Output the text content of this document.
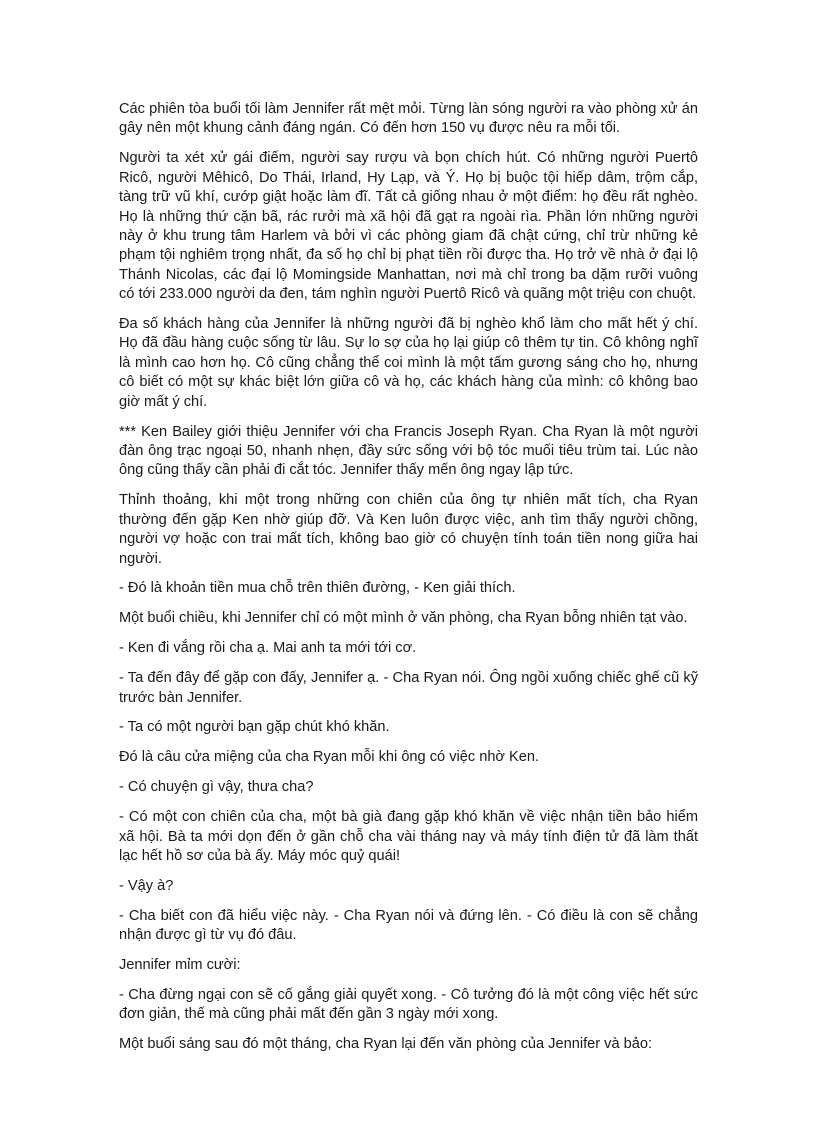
Các phiên tòa buổi tối làm Jennifer rất mệt mỏi. Từng làn sóng người ra vào phòng xử án gây nên một khung cảnh đáng ngán. Có đến hơn 150 vụ được nêu ra mỗi tối.

Người ta xét xử gái điếm, người say rượu và bọn chích hút. Có những người Puertô Ricô, người Mêhicô, Do Thái, Irland, Hy Lạp, và Ý. Họ bị buộc tội hiếp dâm, trộm cắp, tàng trữ vũ khí, cướp giật hoặc làm đĩ. Tất cả giống nhau ở một điểm: họ đều rất nghèo. Họ là những thứ cặn bã, rác rưởi mà xã hội đã gạt ra ngoài rìa. Phần lớn những người này ở khu trung tâm Harlem và bởi vì các phòng giam đã chật cứng, chỉ trừ những kẻ phạm tội nghiêm trọng nhất, đa số họ chỉ bị phạt tiền rồi được tha. Họ trở về nhà ở đại lộ Thánh Nicolas, các đại lộ Momingside Manhattan, nơi mà chỉ trong ba dặm rưỡi vuông có tới 233.000 người da đen, tám nghìn người Puertô Ricô và quãng một triệu con chuột.

Đa số khách hàng của Jennifer là những người đã bị nghèo khổ làm cho mất hết ý chí. Họ đã đầu hàng cuộc sống từ lâu. Sự lo sợ của họ lại giúp cô thêm tự tin. Cô không nghĩ là mình cao hơn họ. Cô cũng chẳng thể coi mình là một tấm gương sáng cho họ, nhưng cô biết có một sự khác biệt lớn giữa cô và họ, các khách hàng của mình: cô không bao giờ mất ý chí.

*** Ken Bailey giới thiệu Jennifer với cha Francis Joseph Ryan. Cha Ryan là một người đàn ông trạc ngoại 50, nhanh nhẹn, đầy sức sống với bộ tóc muối tiêu trùm tai. Lúc nào ông cũng thấy cần phải đi cắt tóc. Jennifer thấy mến ông ngay lập tức.

Thỉnh thoảng, khi một trong những con chiên của ông tự nhiên mất tích, cha Ryan thường đến gặp Ken nhờ giúp đỡ. Và Ken luôn được việc, anh tìm thấy người chồng, người vợ hoặc con trai mất tích, không bao giờ có chuyện tính toán tiền nong giữa hai người.

- Đó là khoản tiền mua chỗ trên thiên đường, - Ken giải thích.

Một buổi chiều, khi Jennifer chỉ có một mình ở văn phòng, cha Ryan bỗng nhiên tạt vào.

- Ken đi vắng rồi cha ạ. Mai anh ta mới tới cơ.

- Ta đến đây để gặp con đấy, Jennifer ạ. - Cha Ryan nói. Ông ngồi xuống chiếc ghế cũ kỹ trước bàn Jennifer.

- Ta có một người bạn gặp chút khó khăn.

Đó là câu cửa miệng của cha Ryan mỗi khi ông có việc nhờ Ken.

- Có chuyện gì vậy, thưa cha?

- Có một con chiên của cha, một bà già đang gặp khó khăn về việc nhận tiền bảo hiểm xã hội. Bà ta mới dọn đến ở gần chỗ cha vài tháng nay và máy tính điện tử đã làm thất lạc hết hồ sơ của bà ấy. Máy móc quỷ quái!

- Vậy à?

- Cha biết con đã hiểu việc này. - Cha Ryan nói và đứng lên. - Có điều là con sẽ chẳng nhận được gì từ vụ đó đâu.

Jennifer mỉm cười:

- Cha đừng ngại con sẽ cố gắng giải quyết xong. - Cô tưởng đó là một công việc hết sức đơn giản, thế mà cũng phải mất đến gần 3 ngày mới xong.

Một buổi sáng sau đó một tháng, cha Ryan lại đến văn phòng của Jennifer và bảo:
